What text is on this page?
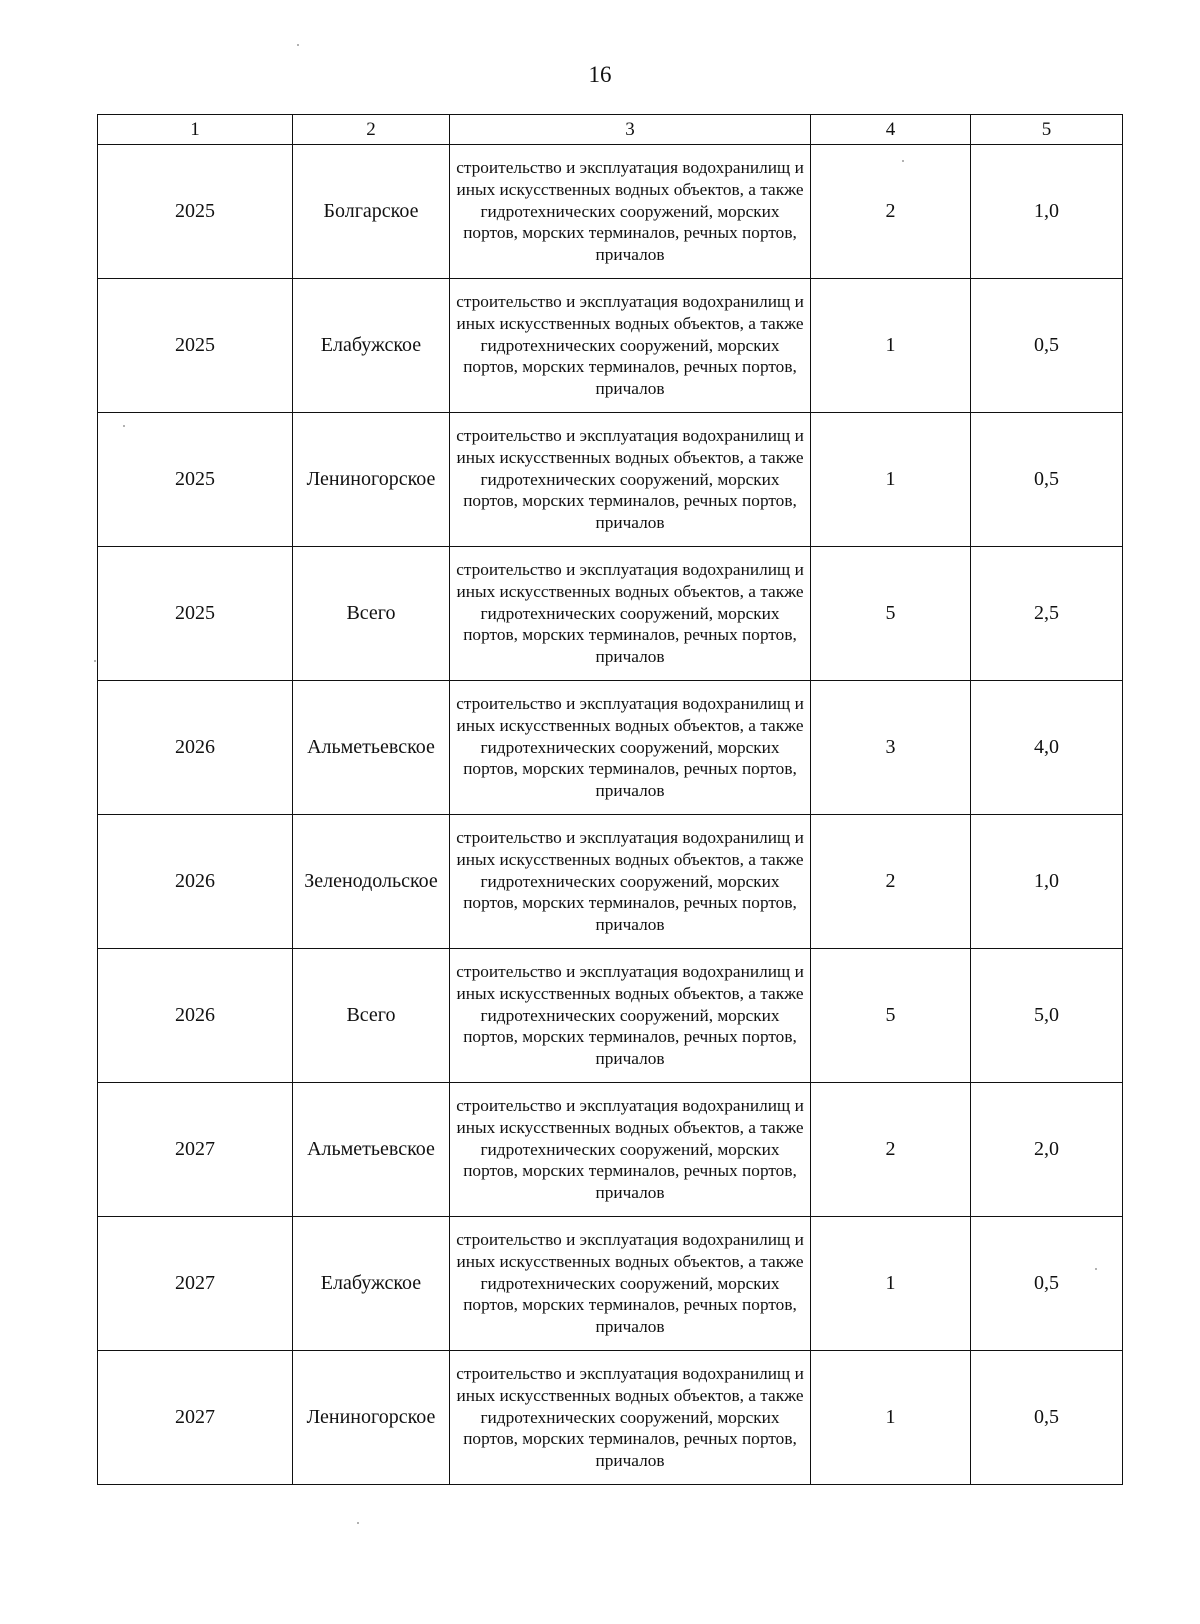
16
1	2	3	4	5
2025	Болгарское	строительство и эксплуатация водохранилищ и иных искусственных водных объектов, а также гидротехнических сооружений, морских портов, морских терминалов, речных портов, причалов	2	1,0
2025	Елабужское	строительство и эксплуатация водохранилищ и иных искусственных водных объектов, а также гидротехнических сооружений, морских портов, морских терминалов, речных портов, причалов	1	0,5
2025	Лениногорское	строительство и эксплуатация водохранилищ и иных искусственных водных объектов, а также гидротехнических сооружений, морских портов, морских терминалов, речных портов, причалов	1	0,5
2025	Всего	строительство и эксплуатация водохранилищ и иных искусственных водных объектов, а также гидротехнических сооружений, морских портов, морских терминалов, речных портов, причалов	5	2,5
2026	Альметьевское	строительство и эксплуатация водохранилищ и иных искусственных водных объектов, а также гидротехнических сооружений, морских портов, морских терминалов, речных портов, причалов	3	4,0
2026	Зеленодольское	строительство и эксплуатация водохранилищ и иных искусственных водных объектов, а также гидротехнических сооружений, морских портов, морских терминалов, речных портов, причалов	2	1,0
2026	Всего	строительство и эксплуатация водохранилищ и иных искусственных водных объектов, а также гидротехнических сооружений, морских портов, морских терминалов, речных портов, причалов	5	5,0
2027	Альметьевское	строительство и эксплуатация водохранилищ и иных искусственных водных объектов, а также гидротехнических сооружений, морских портов, морских терминалов, речных портов, причалов	2	2,0
2027	Елабужское	строительство и эксплуатация водохранилищ и иных искусственных водных объектов, а также гидротехнических сооружений, морских портов, морских терминалов, речных портов, причалов	1	0,5
2027	Лениногорское	строительство и эксплуатация водохранилищ и иных искусственных водных объектов, а также гидротехнических сооружений, морских портов, морских терминалов, речных портов, причалов	1	0,5
